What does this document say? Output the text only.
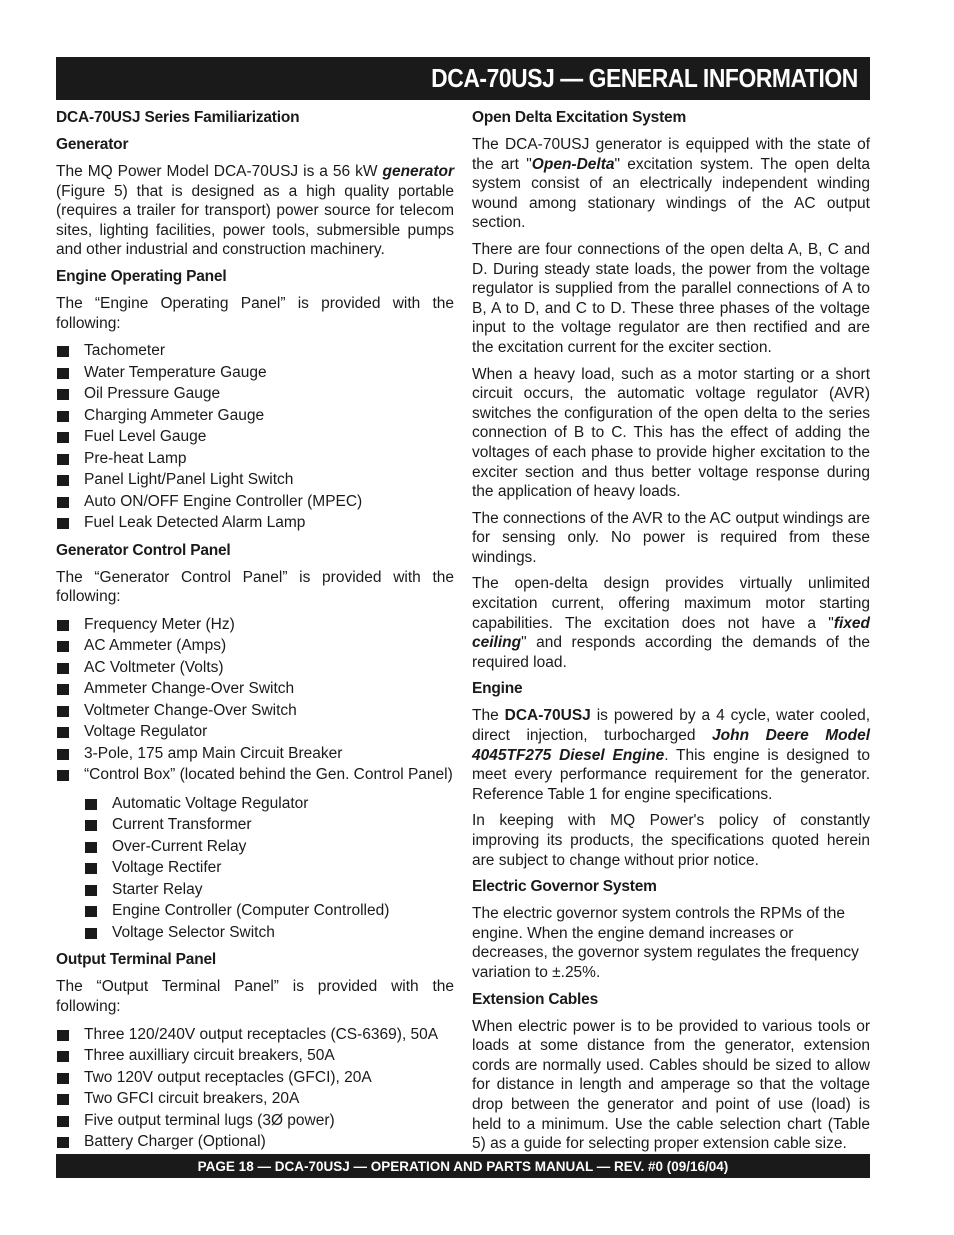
DCA-70USJ — GENERAL INFORMATION
DCA-70USJ Series Familiarization
Generator

The MQ Power Model DCA-70USJ is a 56 kW generator (Figure 5) that is designed as a high quality portable (requires a trailer for transport) power source for telecom sites, lighting facilities, power tools, submersible pumps and other industrial and construction machinery.

Engine Operating Panel

The “Engine Operating Panel” is provided with the following:

Tachometer
Water Temperature Gauge
Oil Pressure Gauge
Charging Ammeter Gauge
Fuel Level Gauge
Pre-heat Lamp
Panel Light/Panel Light Switch
Auto ON/OFF Engine Controller (MPEC)
Fuel Leak Detected Alarm Lamp
Generator Control Panel

The “Generator Control Panel” is provided with the following:

Frequency Meter (Hz)
AC Ammeter (Amps)
AC Voltmeter (Volts)
Ammeter Change-Over Switch
Voltmeter Change-Over Switch
Voltage Regulator
3-Pole, 175 amp Main Circuit Breaker
“Control Box” (located behind the Gen. Control Panel)
Automatic Voltage Regulator
Current Transformer
Over-Current Relay
Voltage Rectifer
Starter Relay
Engine Controller (Computer Controlled)
Voltage Selector Switch
Output Terminal Panel

The “Output Terminal Panel” is provided with the following:

Three 120/240V output receptacles (CS-6369), 50A
Three auxilliary circuit breakers, 50A
Two 120V output receptacles (GFCI), 20A
Two GFCI circuit breakers, 20A
Five output terminal lugs (3Ø power)
Battery Charger (Optional)
Open Delta Excitation System

The DCA-70USJ generator is equipped with the state of the art "Open-Delta" excitation system. The open delta system consist of an electrically independent winding wound among stationary windings of the AC output section.

There are four connections of the open delta A, B, C and D. During steady state loads, the power from the voltage regulator is supplied from the parallel connections of A to B, A to D, and C to D. These three phases of the voltage input to the voltage regulator are then rectified and are the excitation current for the exciter section.

When a heavy load, such as a motor starting or a short circuit occurs, the automatic voltage regulator (AVR) switches the configuration of the open delta to the series connection of B to C. This has the effect of adding the voltages of each phase to provide higher excitation to the exciter section and thus better voltage response during the application of heavy loads.

The connections of the AVR to the AC output windings are for sensing only. No power is required from these windings.

The open-delta design provides virtually unlimited excitation current, offering maximum motor starting capabilities. The excitation does not have a "fixed ceiling" and responds according the demands of the required load.

Engine

The DCA-70USJ is powered by a 4 cycle, water cooled, direct injection, turbocharged John Deere Model 4045TF275 Diesel Engine. This engine is designed to meet every performance requirement for the generator. Reference Table 1 for engine specifications.

In keeping with MQ Power's policy of constantly improving its products, the specifications quoted herein are subject to change without prior notice.

Electric Governor System

The electric governor system controls the RPMs of the engine. When the engine demand increases or decreases, the governor system regulates the frequency variation to ±.25%.

Extension Cables

When electric power is to be provided to various tools or loads at some distance from the generator, extension cords are normally used. Cables should be sized to allow for distance in length and amperage so that the voltage drop between the generator and point of use (load) is held to a minimum. Use the cable selection chart (Table 5) as a guide for selecting proper extension cable size.

PAGE 18 — DCA-70USJ — OPERATION AND PARTS MANUAL — REV. #0 (09/16/04)
